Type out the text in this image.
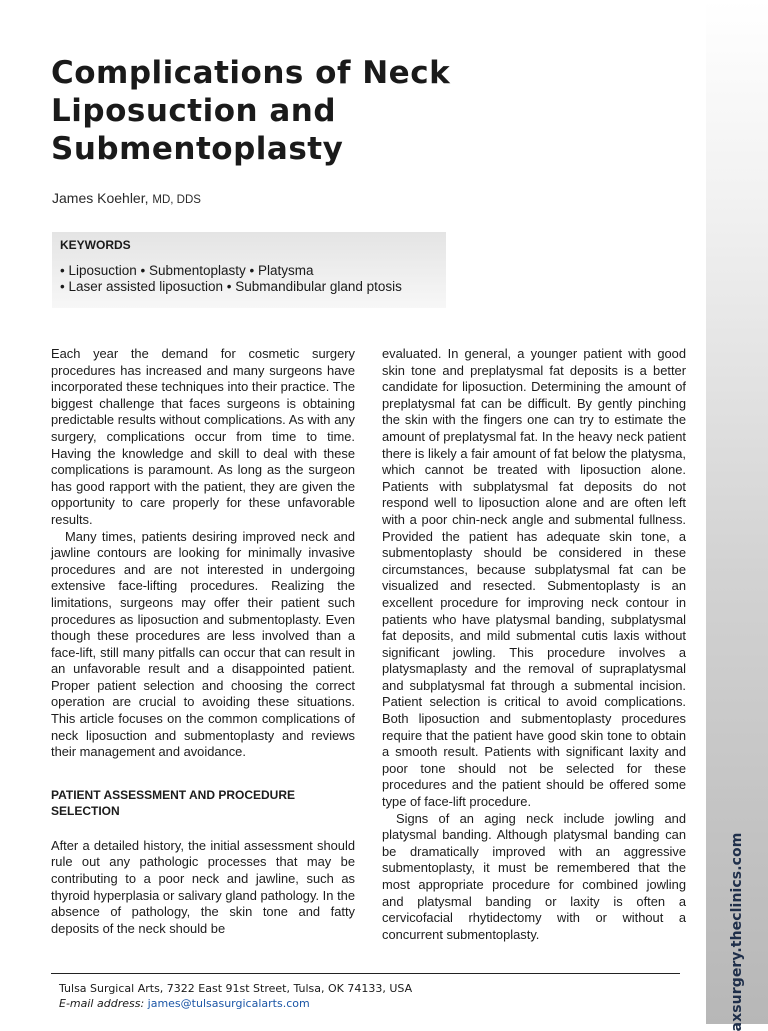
axsurgery.theclinics.com
Complications of Neck
Liposuction and
Submentoplasty
James Koehler, MD, DDS
KEYWORDS
• Liposuction • Submentoplasty • Platysma
• Laser assisted liposuction • Submandibular gland ptosis

Each year the demand for cosmetic surgery procedures has increased and many surgeons have incorporated these techniques into their practice. The biggest challenge that faces surgeons is obtaining predictable results without complications. As with any surgery, complications occur from time to time. Having the knowledge and skill to deal with these complications is paramount. As long as the surgeon has good rapport with the patient, they are given the opportunity to care properly for these unfavorable results.

Many times, patients desiring improved neck and jawline contours are looking for minimally invasive procedures and are not interested in undergoing extensive face-lifting procedures. Realizing the limitations, surgeons may offer their patient such procedures as liposuction and submentoplasty. Even though these procedures are less involved than a face-lift, still many pitfalls can occur that can result in an unfavorable result and a disappointed patient. Proper patient selection and choosing the correct operation are crucial to avoiding these situations. This article focuses on the common complications of neck liposuction and submentoplasty and reviews their management and avoidance.

PATIENT ASSESSMENT AND PROCEDURE SELECTION

After a detailed history, the initial assessment should rule out any pathologic processes that may be contributing to a poor neck and jawline, such as thyroid hyperplasia or salivary gland pathology. In the absence of pathology, the skin tone and fatty deposits of the neck should be

evaluated. In general, a younger patient with good skin tone and preplatysmal fat deposits is a better candidate for liposuction. Determining the amount of preplatysmal fat can be difficult. By gently pinching the skin with the fingers one can try to estimate the amount of preplatysmal fat. In the heavy neck patient there is likely a fair amount of fat below the platysma, which cannot be treated with liposuction alone. Patients with subplatysmal fat deposits do not respond well to liposuction alone and are often left with a poor chin-neck angle and submental fullness. Provided the patient has adequate skin tone, a submentoplasty should be considered in these circumstances, because subplatysmal fat can be visualized and resected. Submentoplasty is an excellent procedure for improving neck contour in patients who have platysmal banding, subplatysmal fat deposits, and mild submental cutis laxis without significant jowling. This procedure involves a platysmaplasty and the removal of supraplatysmal and subplatysmal fat through a submental incision. Patient selection is critical to avoid complications. Both liposuction and submentoplasty procedures require that the patient have good skin tone to obtain a smooth result. Patients with significant laxity and poor tone should not be selected for these procedures and the patient should be offered some type of face-lift procedure.

Signs of an aging neck include jowling and platysmal banding. Although platysmal banding can be dramatically improved with an aggressive submentoplasty, it must be remembered that the most appropriate procedure for combined jowling and platysmal banding or laxity is often a cervicofacial rhytidectomy with or without a concurrent submentoplasty.

Tulsa Surgical Arts, 7322 East 91st Street, Tulsa, OK 74133, USA
E-mail address: james@tulsasurgicalarts.com
